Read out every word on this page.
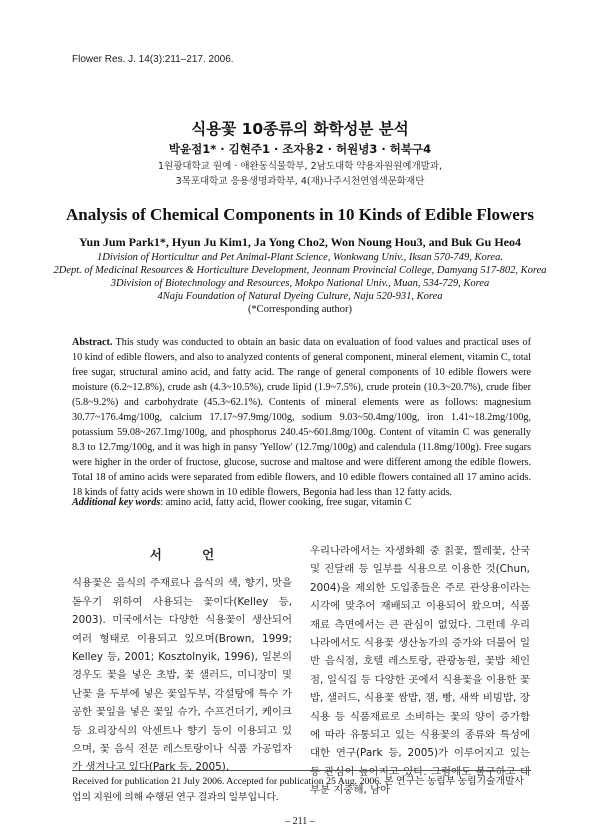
Flower Res. J. 14(3):211–217. 2006.
식용꽃 10종류의 화학성분 분석
박윤점1* · 김현주1 · 조자용2 · 허원녕3 · 허북구4
1원광대학교 원예 · 애완동식물학부, 2남도대학 약용자원원예개발과,
3목포대학교 응용생명과학부, 4(재)나주시천연염색문화재단
Analysis of Chemical Components in 10 Kinds of Edible Flowers
Yun Jum Park1*, Hyun Ju Kim1, Ja Yong Cho2, Won Noung Hou3, and Buk Gu Heo4
1Division of Horticultur and Pet Animal-Plant Science, Wonkwang Univ., Iksan 570-749, Korea.
2Dept. of Medicinal Resources & Horticulture Development, Jeonnam Provincial College, Damyang 517-802, Korea
3Division of Biotechnology and Resources, Mokpo National Univ., Muan, 534-729, Korea
4Naju Foundation of Natural Dyeing Culture, Naju 520-931, Korea
(*Corresponding author)
Abstract. This study was conducted to obtain an basic data on evaluation of food values and practical uses of 10 kind of edible flowers, and also to analyzed contents of general component, mineral element, vitamin C, total free sugar, structural amino acid, and fatty acid. The range of general components of 10 edible flowers were moisture (6.2~12.8%), crude ash (4.3~10.5%), crude lipid (1.9~7.5%), crude protein (10.3~20.7%), crude fiber (5.8~9.2%) and carbohydrate (45.3~62.1%). Contents of mineral elements were as follows: magnesium 30.77~176.4mg/100g, calcium 17.17~97.9mg/100g, sodium 9.03~50.4mg/100g, iron 1.41~18.2mg/100g, potassium 59.08~267.1mg/100g, and phosphorus 240.45~601.8mg/100g. Content of vitamin C was generally 8.3 to 12.7mg/100g, and it was high in pansy 'Yellow' (12.7mg/100g) and calendula (11.8mg/100g). Free sugars were higher in the order of fructose, glucose, sucrose and maltose and were different among the edible flowers. Total 18 of amino acids were separated from edible flowers, and 10 edible flowers contained all 17 amino acids. 18 kinds of fatty acids were shown in 10 edible flowers, Begonia had less than 12 fatty acids.
Additional key words: amino acid, fatty acid, flower cooking, free sugar, vitamin C
서 언
식용꽃은 음식의 주재료나 음식의 색, 향기, 맛을 돋우기 위하여 사용되는 꽃이다(Kelley 등, 2003). 미국에서는 다양한 식용꽃이 생산되어 여러 형태로 이용되고 있으며(Brown, 1999; Kelley 등, 2001; Kosztolnyik, 1996), 일본의 경우도 꽃을 넣은 초밥, 꽃 샐러드, 미니장미 및 난꽃 을 두부에 넣은 꽃잎두부, 각설탕에 특수 가공한 꽃잎을 넣은 꽃잎 슈가, 수프건더기, 케이크 등 요리장식의 악센트나 향기 등이 이용되고 있으며, 꽃 음식 전문 레스토랑이나 식품 가공업자가 생겨나고 있다(Park 등, 2005).
우리나라에서는 자생화훼 중 칡꽃, 찔레꽃, 산국 및 진달래 등 일부를 식용으로 이용한 것(Chun, 2004)을 제외한 도입종들은 주로 관상용이라는 시각에 맞추어 재배되고 이용되어 왔으며, 식품재료 측면에서는 큰 관심이 없었다. 그런데 우리나라에서도 식용꽃 생산농가의 증가와 더불어 일반 음식점, 호텔 레스토랑, 관광농원, 꽃밥 체인점, 일식집 등 다양한 곳에서 식용꽃을 이용한 꽃밥, 샐러드, 식용꽃 쌈밥, 잼, 빵, 새싹 비빔밥, 장식용 등 식품재료로 소비하는 꽃의 양이 증가함에 따라 유통되고 있는 식용꽃의 종류와 특성에 대한 연구(Park 등, 2005)가 이루어지고 있는 등 관심이 높아지고 있다. 그럼에도 불구하고 대부분 지중해, 남아
Received for publication 21 July 2006. Accepted for publication 25 Aug. 2006. 본 연구는 농림부 농림기술개발사업의 지원에 의해 수행된 연구 결과의 일부입니다.
– 211 –
